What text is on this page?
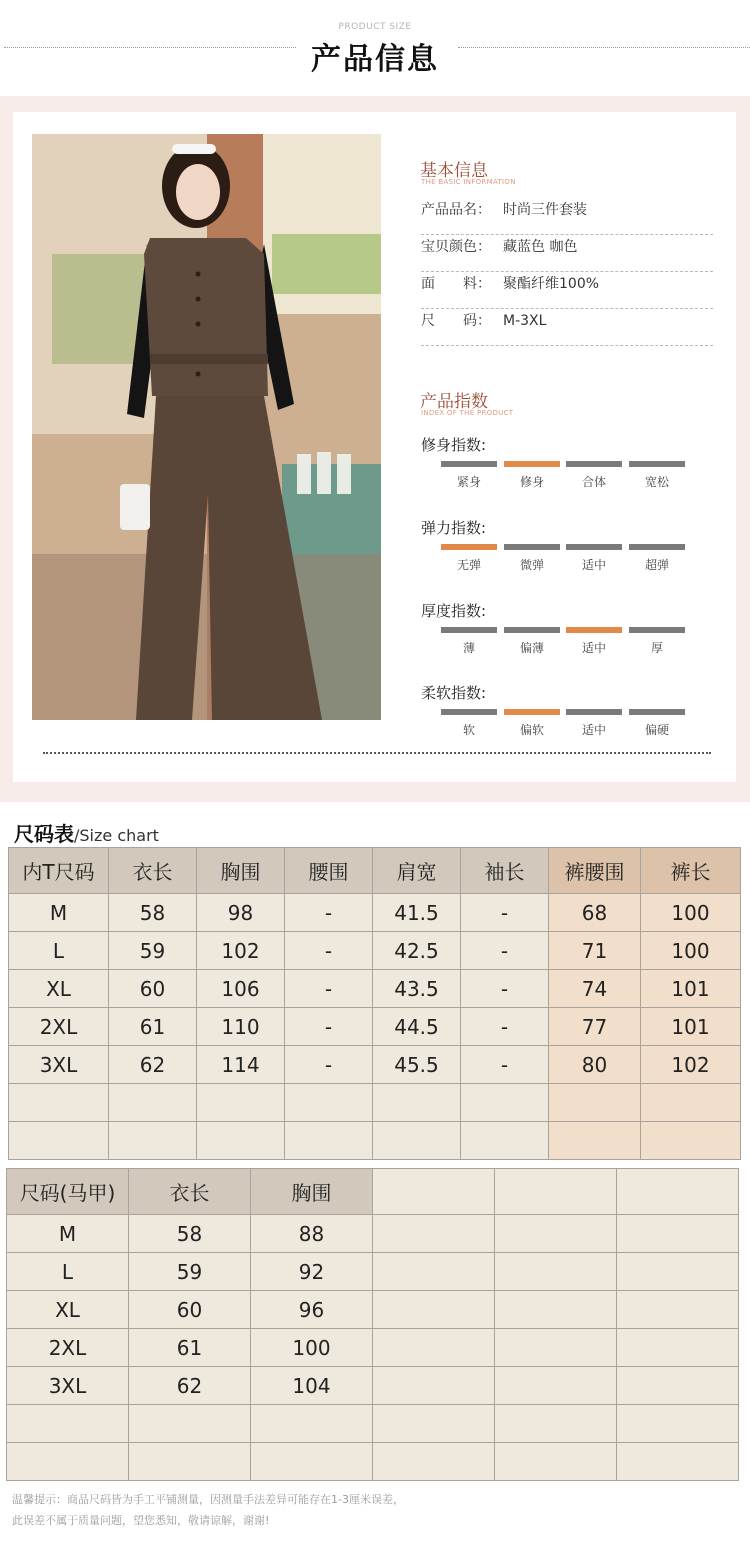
PRODUCT SIZE
产品信息
基本信息
THE BASIC INFORMATION
产品品名： 时尚三件套装
宝贝颜色： 藏蓝色 咖色
面　　料： 聚酯纤维100%
尺　　码： M-3XL
产品指数
INDEX OF THE PRODUCT
修身指数:
紧身	修身	合体	宽松
弹力指数:
无弹	微弹	适中	超弹
厚度指数:
薄	偏薄	适中	厚
柔软指数:
软	偏软	适中	偏硬
尺码表/Size chart
内T尺码	衣长	胸围	腰围	肩宽	袖长	裤腰围	裤长
M	58	98	-	41.5	-	68	100
L	59	102	-	42.5	-	71	100
XL	60	106	-	43.5	-	74	101
2XL	61	110	-	44.5	-	77	101
3XL	62	114	-	45.5	-	80	102

尺码(马甲)	衣长	胸围			
M	58	88			
L	59	92			
XL	60	96			
2XL	61	100			
3XL	62	104			

温馨提示：商品尺码皆为手工平铺测量，因测量手法差异可能存在1-3厘米误差，
此误差不属于质量问题，望您悉知，敬请谅解，谢谢!
